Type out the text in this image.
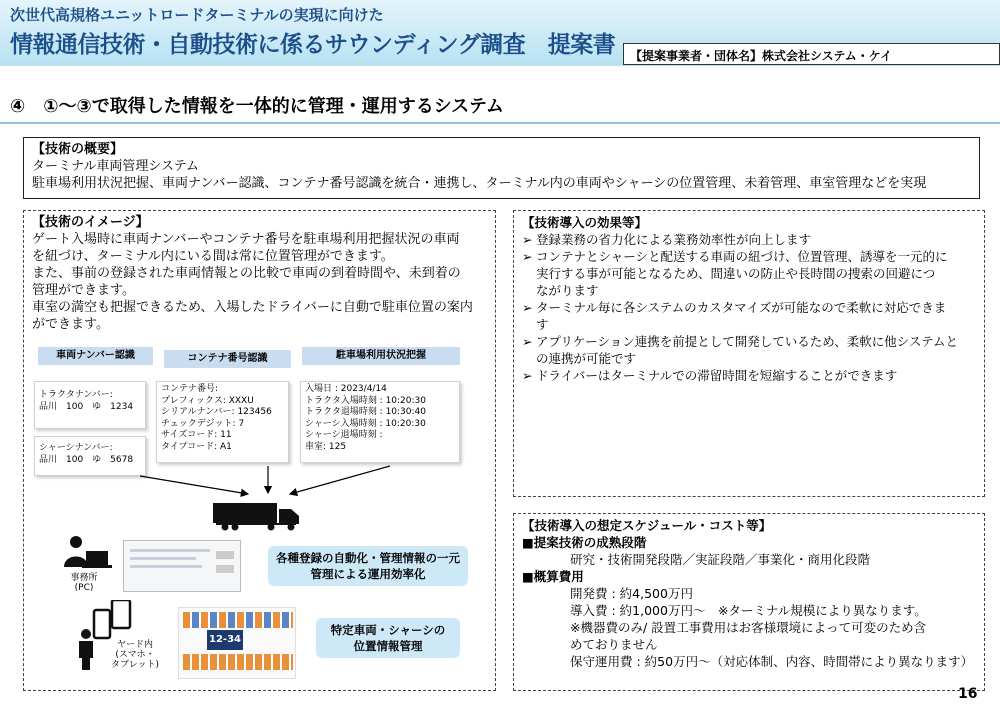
次世代高規格ユニットロードターミナルの実現に向けた
情報通信技術・自動技術に係るサウンディング調査　提案書	【提案事業者・団体名】株式会社システム・ケイ
④　①～③で取得した情報を一体的に管理・運用するシステム
【技術の概要】
ターミナル車両管理システム
駐車場利用状況把握、車両ナンバー認識、コンテナ番号認識を統合・連携し、ターミナル内の車両やシャーシの位置管理、未着管理、車室管理などを実現
【技術のイメージ】
ゲート入場時に車両ナンバーやコンテナ番号を駐車場利用把握状況の車両
を紐づけ、ターミナル内にいる間は常に位置管理ができます。
また、事前の登録された車両情報との比較で車両の到着時間や、未到着の
管理ができます。
車室の満空も把握できるため、入場したドライバーに自動で駐車位置の案内
ができます。
車両ナンバー認識	コンテナ番号認識	駐車場利用状況把握
トラクタナンバー:
品川　100　ゆ　1234
シャーシナンバー:
品川　100　ゆ　5678
コンテナ番号:
プレフィックス: XXXU
シリアルナンバー: 123456
チェックデジット: 7
サイズコード: 11
タイプコード: A1
入場日 : 2023/4/14
トラクタ入場時刻 : 10:20:30
トラクタ退場時刻 : 10:30:40
シャーシ入場時刻 : 10:20:30
シャーシ退場時刻 :
車室: 125
事務所
(PC)
ヤード内
(スマホ・
タブレット)
12-34
各種登録の自動化・管理情報の一元
管理による運用効率化
特定車両・シャーシの
位置情報管理
【技術導入の効果等】
➢ 登録業務の省力化による業務効率性が向上します
➢ コンテナとシャーシと配送する車両の紐づけ、位置管理、誘導を一元的に
実行する事が可能となるため、間違いの防止や長時間の捜索の回避につ
ながります
➢ ターミナル毎に各システムのカスタマイズが可能なので柔軟に対応できま
す
➢ アプリケーション連携を前提として開発しているため、柔軟に他システムと
の連携が可能です
➢ ドライバーはターミナルでの滞留時間を短縮することができます
【技術導入の想定スケジュール・コスト等】
■提案技術の成熟段階
研究・技術開発段階／実証段階／事業化・商用化段階
■概算費用
開発費 : 約4,500万円
導入費 : 約1,000万円～　※ターミナル規模により異なります。
※機器費のみ/ 設置工事費用はお客様環境によって可変のため含
めておりません
保守運用費 : 約50万円～（対応体制、内容、時間帯により異なります）
16
